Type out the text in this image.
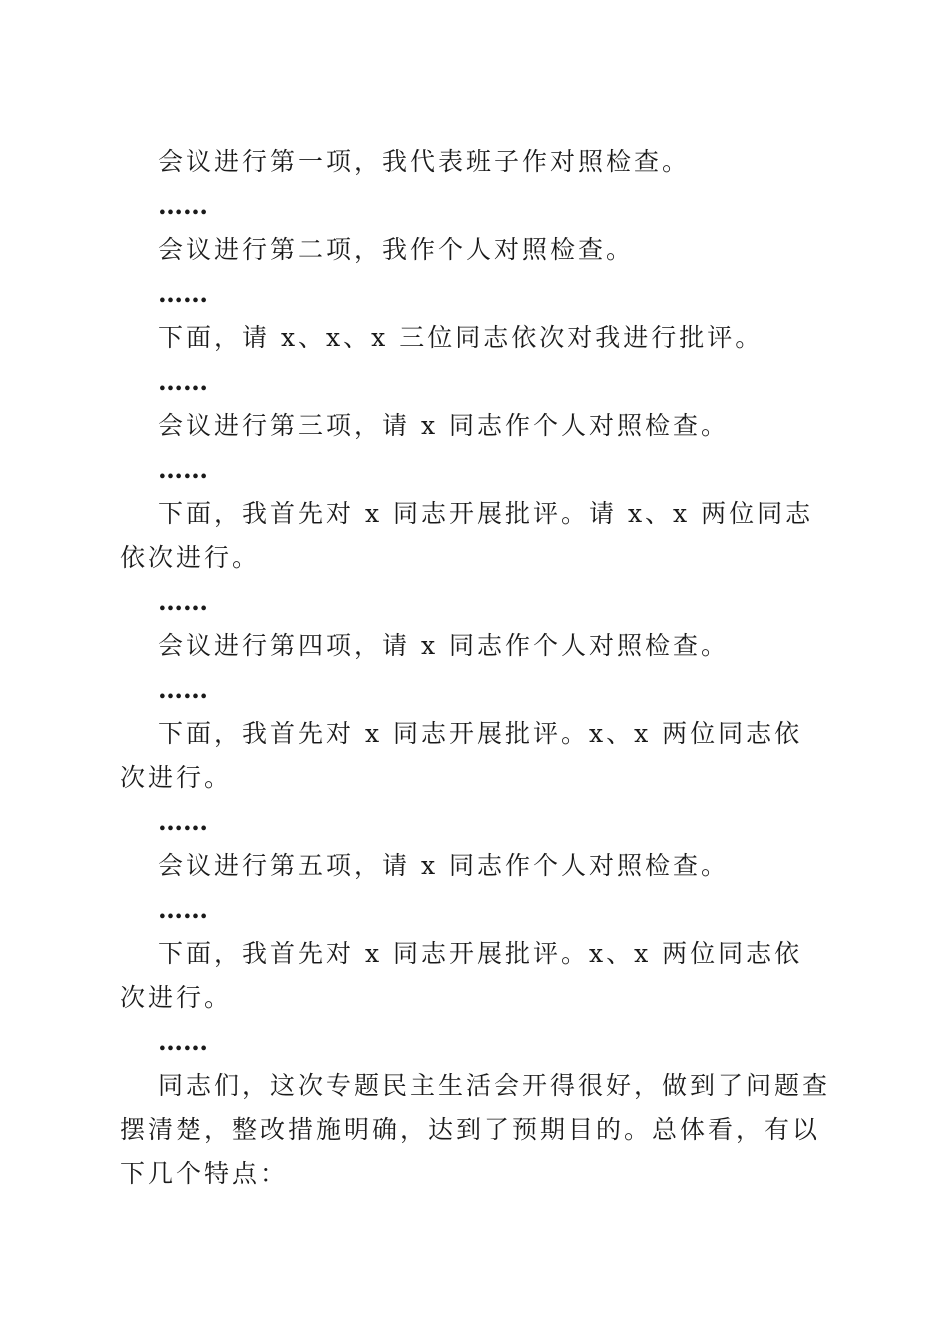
会议进行第一项，我代表班子作对照检查。

……

会议进行第二项，我作个人对照检查。

……

下面，请 x、x、x 三位同志依次对我进行批评。

……

会议进行第三项，请 x 同志作个人对照检查。

……

下面，我首先对 x 同志开展批评。请 x、x 两位同志依次进行。

……

会议进行第四项，请 x 同志作个人对照检查。

……

下面，我首先对 x 同志开展批评。x、x 两位同志依次进行。

……

会议进行第五项，请 x 同志作个人对照检查。

……

下面，我首先对 x 同志开展批评。x、x 两位同志依次进行。

……

同志们，这次专题民主生活会开得很好，做到了问题查摆清楚，整改措施明确，达到了预期目的。总体看，有以下几个特点：
